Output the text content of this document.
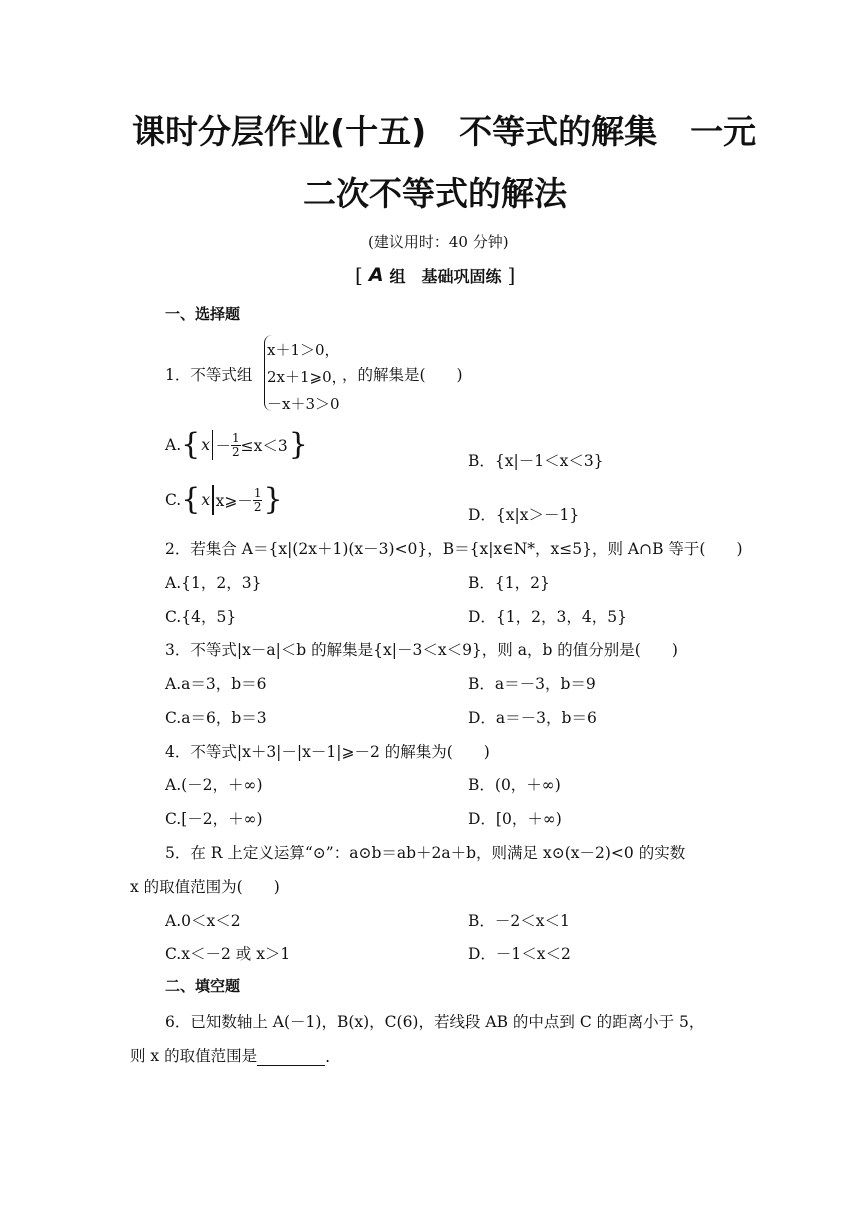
课时分层作业(十五)　不等式的解集　一元
二次不等式的解法
(建议用时：40 分钟)
[ A 组　基础巩固练 ]
一、选择题
1．不等式组
x＋1＞0，
2x＋1⩾0，
－x＋3＞0
，的解集是(　　)
A. { $x - \frac{1}{2} \le x<3$ }	B．{x|－1＜x＜3}
C. { x x⩾－ $\frac{1}{2}$ }	D．{x|x＞－1}
2．若集合 A＝{x|(2x＋1)(x－3)<0}，B＝{x|x∈N*，x≤5}，则 A∩B 等于(　　)
A.{1，2，3}	B．{1，2}
C.{4，5}	D．{1，2，3，4，5}
3．不等式|x－a|＜b 的解集是{x|－3＜x＜9}，则 a，b 的值分别是(　　)
A.a＝3，b＝6	B．a＝－3，b＝9
C.a＝6，b＝3	D．a＝－3，b＝6
4．不等式|x＋3|－|x－1|⩾－2 的解集为(　　)
A.(－2，＋∞)	B．(0，＋∞)
C.[－2，＋∞)	D．[0，＋∞)
5．在 R 上定义运算“⊙”：a⊙b＝ab＋2a＋b，则满足 x⊙(x－2)<0 的实数
x 的取值范围为(　　)
A.0＜x＜2	B．－2＜x＜1
C.x＜－2 或 x＞1	D．－1＜x＜2
二、填空题
6．已知数轴上 A(－1)，B(x)，C(6)，若线段 AB 的中点到 C 的距离小于 5，
则 x 的取值范围是	.
